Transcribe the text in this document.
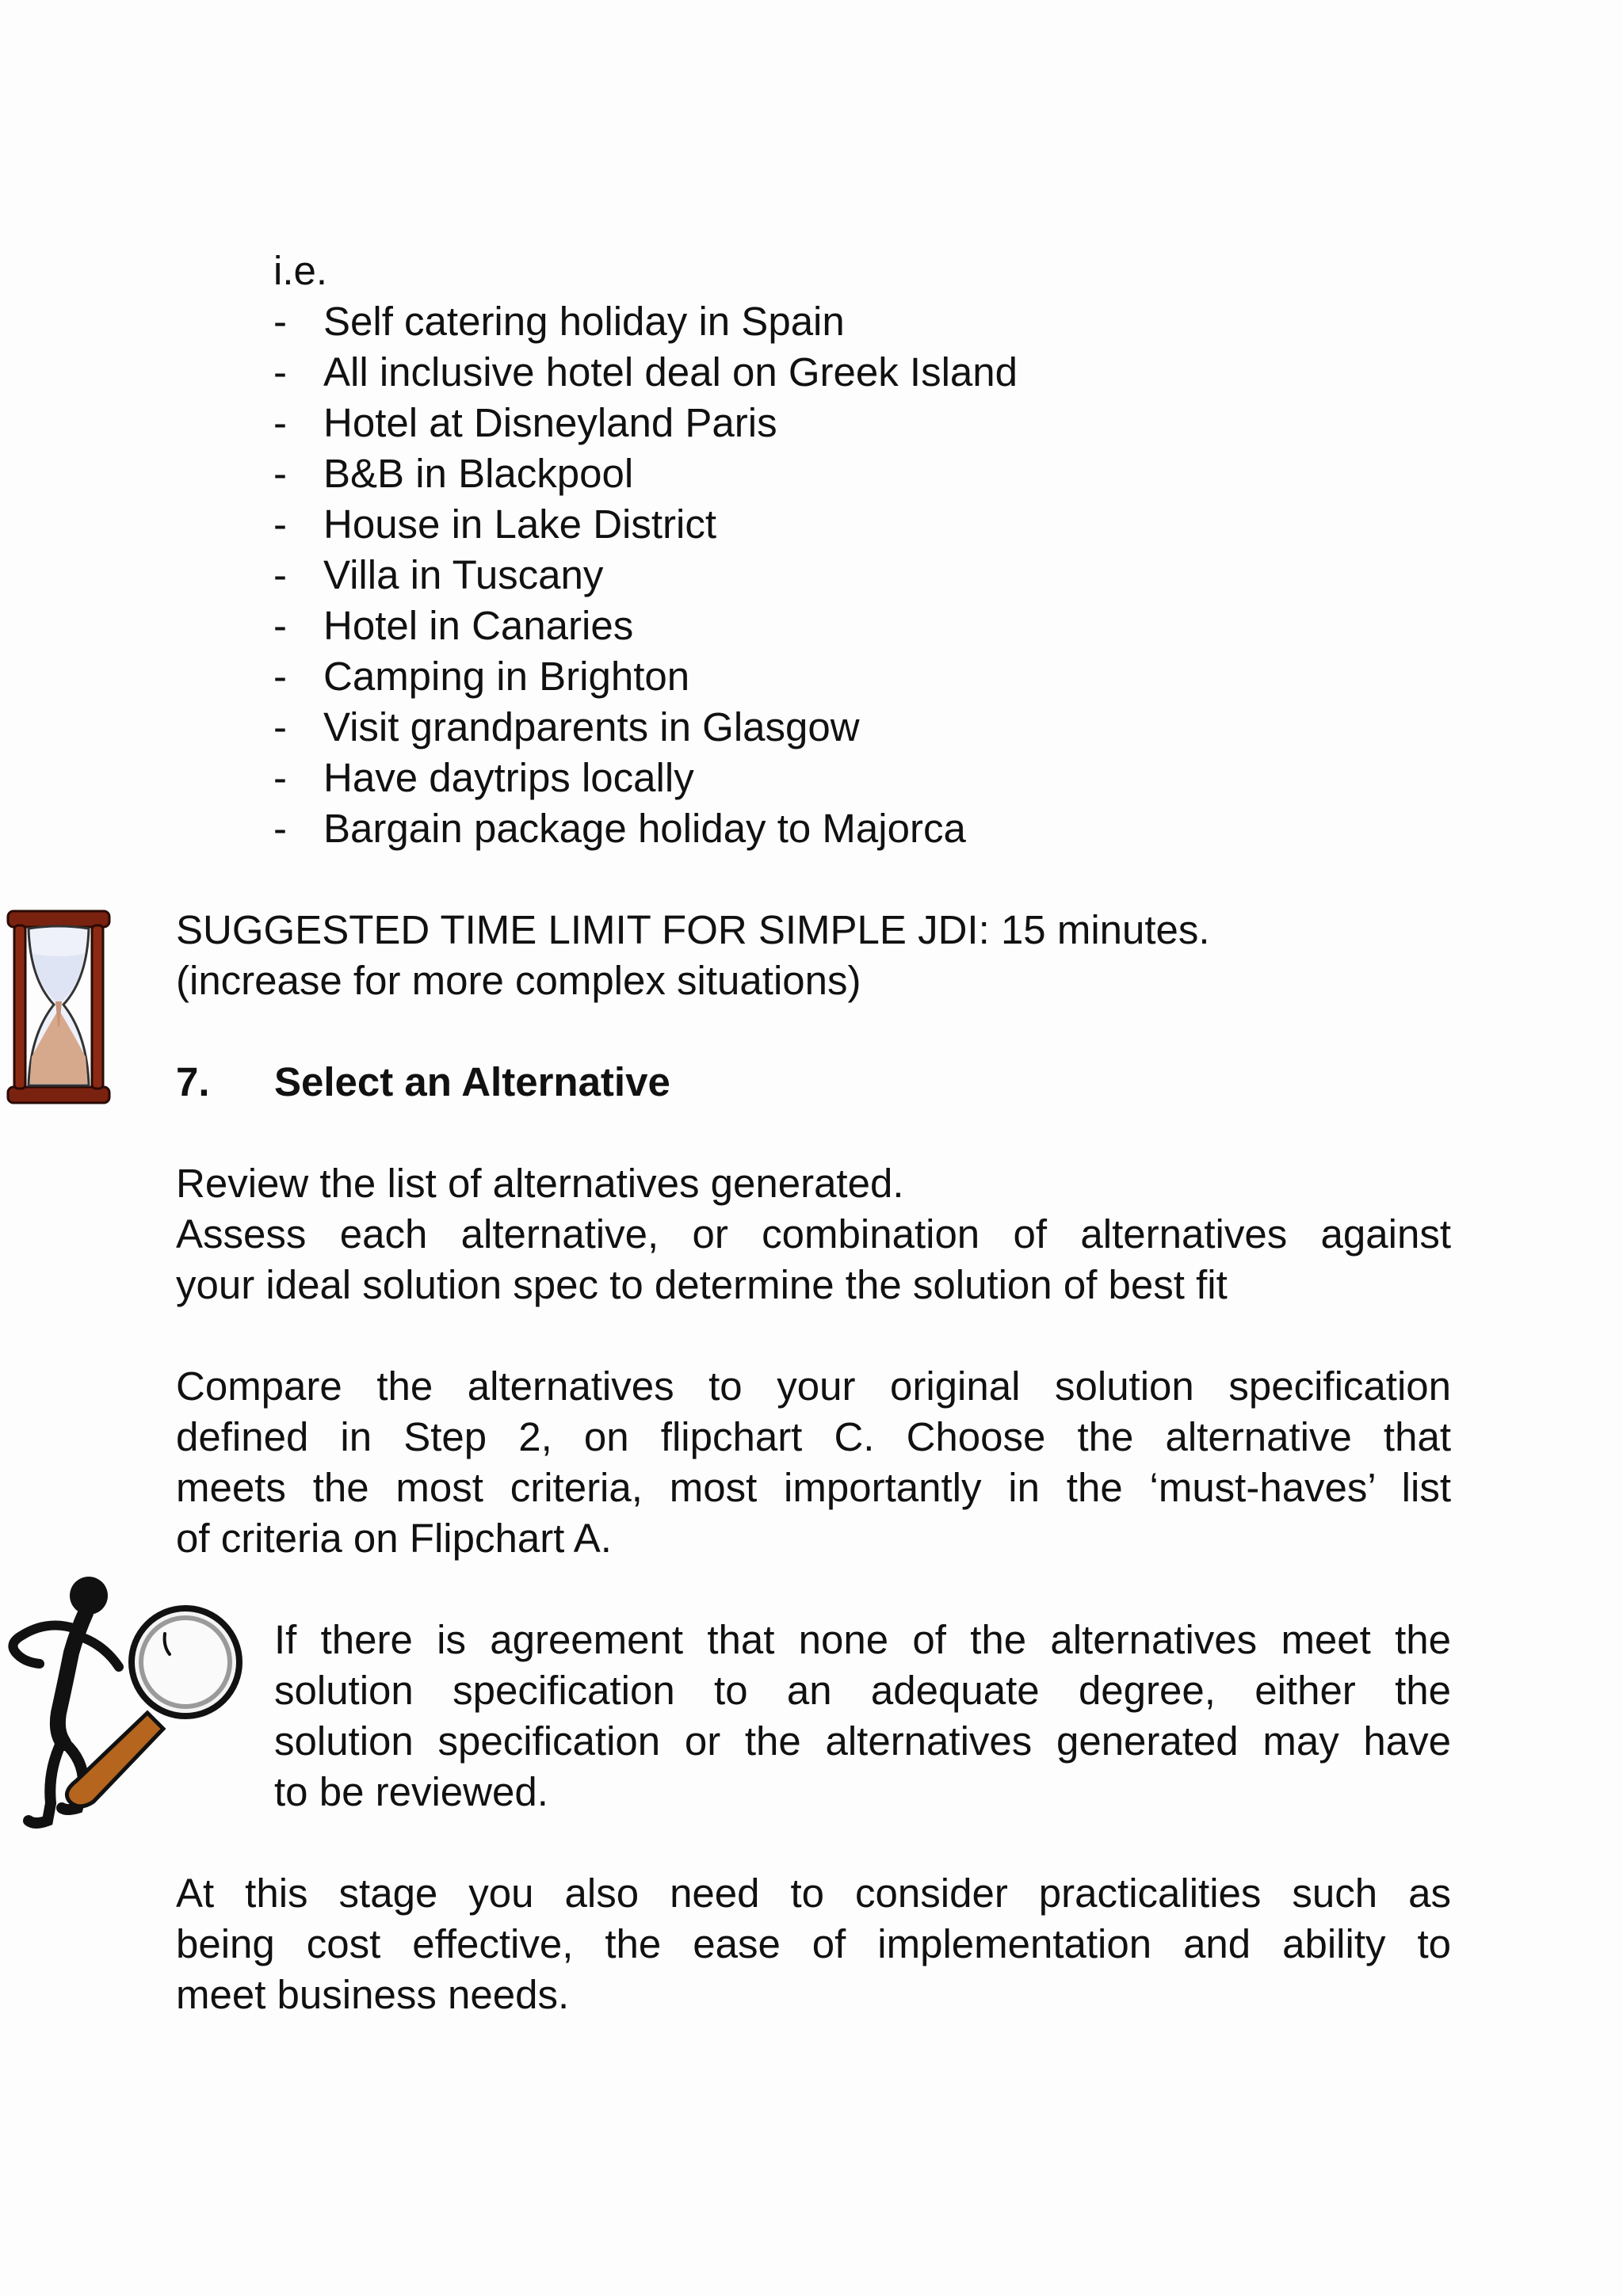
i.e.
- Self catering holiday in Spain
- All inclusive hotel deal on Greek Island
- Hotel at Disneyland Paris
- B&B in Blackpool
- House in Lake District
- Villa in Tuscany
- Hotel in Canaries
- Camping in Brighton
- Visit grandparents in Glasgow
- Have daytrips locally
- Bargain package holiday to Majorca
SUGGESTED TIME LIMIT FOR SIMPLE JDI: 15 minutes.
(increase for more complex situations)
7. Select an Alternative
Review the list of alternatives generated.
Assess each alternative, or combination of alternatives against
your ideal solution spec to determine the solution of best fit
Compare the alternatives to your original solution specification
defined in Step 2, on flipchart C. Choose the alternative that
meets the most criteria, most importantly in the ‘must-haves’ list
of criteria on Flipchart A.
If there is agreement that none of the alternatives meet the
solution specification to an adequate degree, either the
solution specification or the alternatives generated may have
to be reviewed.
At this stage you also need to consider practicalities such as
being cost effective, the ease of implementation and ability to
meet business needs.
